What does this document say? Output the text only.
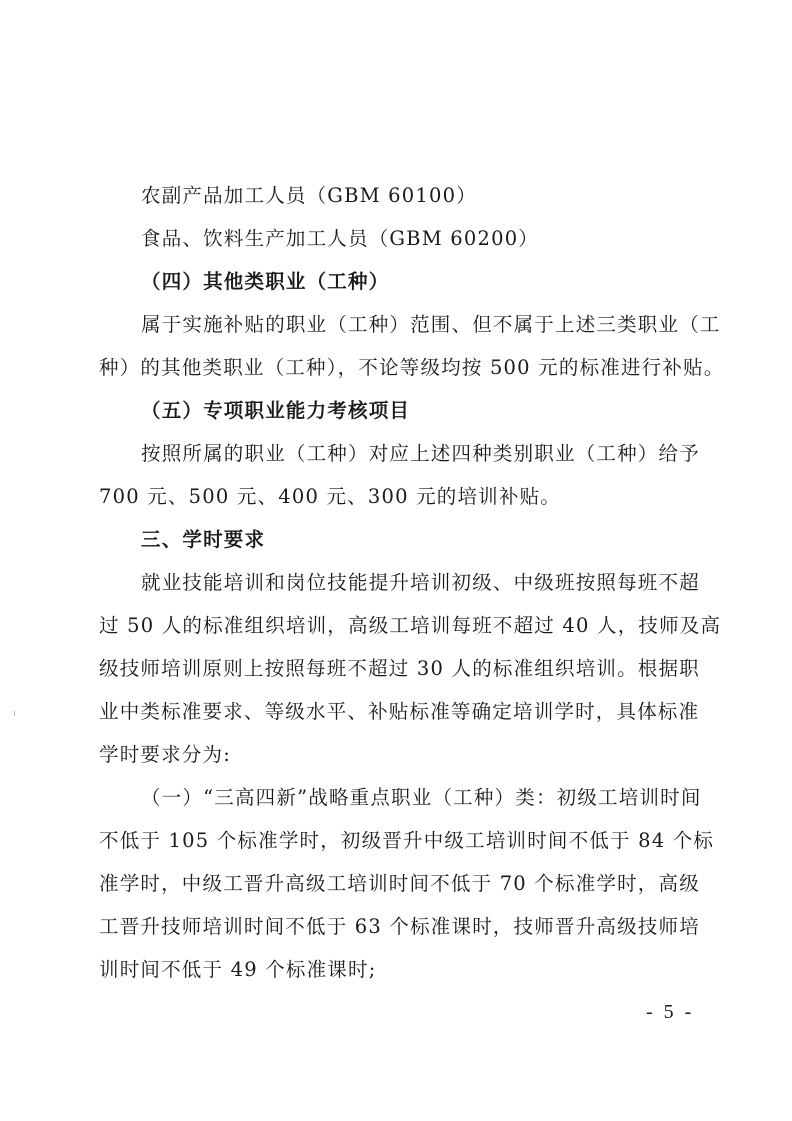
农副产品加工人员（GBM 60100）
食品、饮料生产加工人员（GBM 60200）
（四）其他类职业（工种）
属于实施补贴的职业（工种）范围、但不属于上述三类职业（工
种）的其他类职业（工种），不论等级均按 500 元的标准进行补贴。
（五）专项职业能力考核项目
按照所属的职业（工种）对应上述四种类别职业（工种）给予
700 元、500 元、400 元、300 元的培训补贴。
三、学时要求
就业技能培训和岗位技能提升培训初级、中级班按照每班不超
过 50 人的标准组织培训，高级工培训每班不超过 40 人，技师及高
级技师培训原则上按照每班不超过 30 人的标准组织培训。根据职
业中类标准要求、等级水平、补贴标准等确定培训学时，具体标准
学时要求分为:
（一）“三高四新”战略重点职业（工种）类：初级工培训时间
不低于 105 个标准学时，初级晋升中级工培训时间不低于 84 个标
准学时，中级工晋升高级工培训时间不低于 70 个标准学时，高级
工晋升技师培训时间不低于 63 个标准课时，技师晋升高级技师培
训时间不低于 49 个标准课时;
- 5 -
